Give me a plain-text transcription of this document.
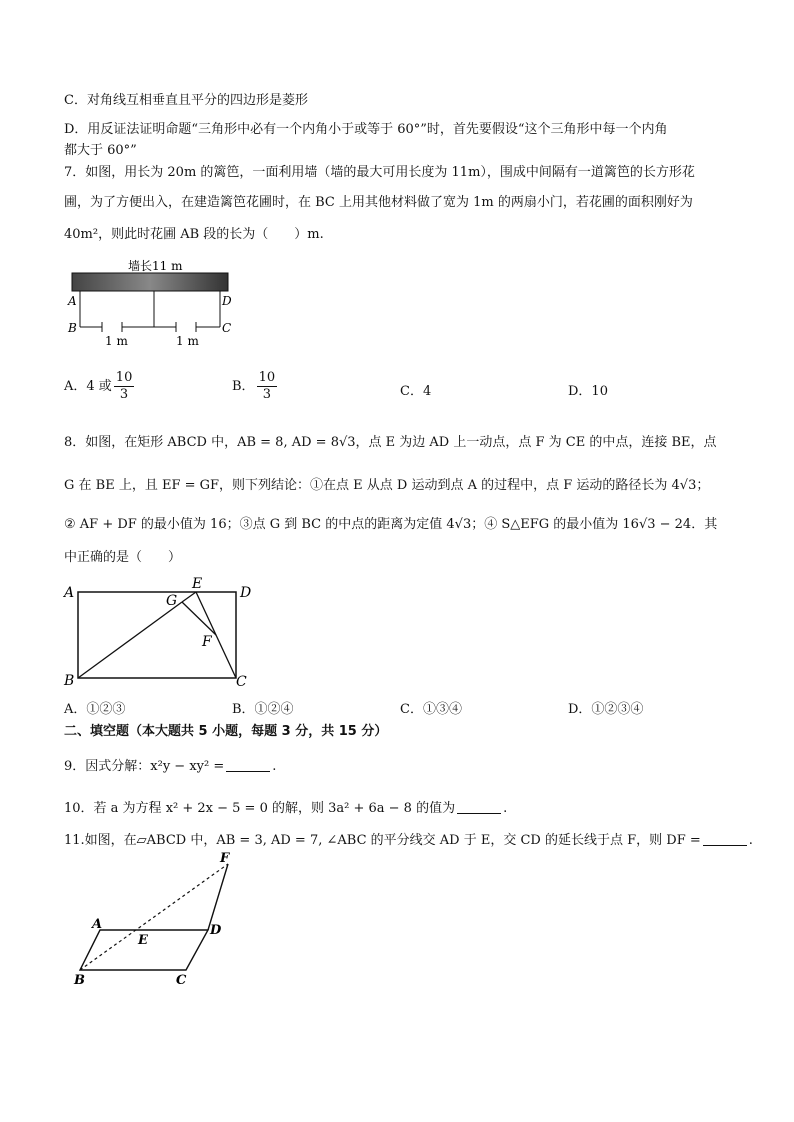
C．对角线互相垂直且平分的四边形是菱形
D．用反证法证明命题“三角形中必有一个内角小于或等于 60°”时，首先要假设“这个三角形中每一个内角
都大于 60°”
7．如图，用长为 20m 的篱笆，一面利用墙（墙的最大可用长度为 11m），围成中间隔有一道篱笆的长方形花
圃，为了方便出入，在建造篱笆花圃时，在 BC 上用其他材料做了宽为 1m 的两扇小门，若花圃的面积刚好为
40m²，则此时花圃 AB 段的长为（　　）m.
墙长11 m
A
B
D
C
1 m	1 m
A．4 或 $\frac{10}{3}$	B． $\frac{10}{3}$	C．4	D．10
8．如图，在矩形 ABCD 中，AB = 8, AD = 8√3，点 E 为边 AD 上一动点，点 F 为 CE 的中点，连接 BE，点
G 在 BE 上，且 EF = GF，则下列结论：①在点 E 从点 D 运动到点 A 的过程中，点 F 运动的路径长为 4√3；
② AF + DF 的最小值为 16；③点 G 到 BC 的中点的距离为定值 4√3；④ S△EFG 的最小值为 16√3 − 24．其
中正确的是（　　）
A
B	C
D
E
G
F
A．①②③	B．①②④	C．①③④	D．①②③④
二、填空题（本大题共 5 小题，每题 3 分，共 15 分）
9．因式分解：x²y − xy² =	.
10．若 a 为方程 x² + 2x − 5 = 0 的解，则 3a² + 6a − 8 的值为	.
11.如图，在▱ABCD 中，AB = 3, AD = 7, ∠ABC 的平分线交 AD 于 E，交 CD 的延长线于点 F，则 DF =	.
A
B	C
D
E
F
